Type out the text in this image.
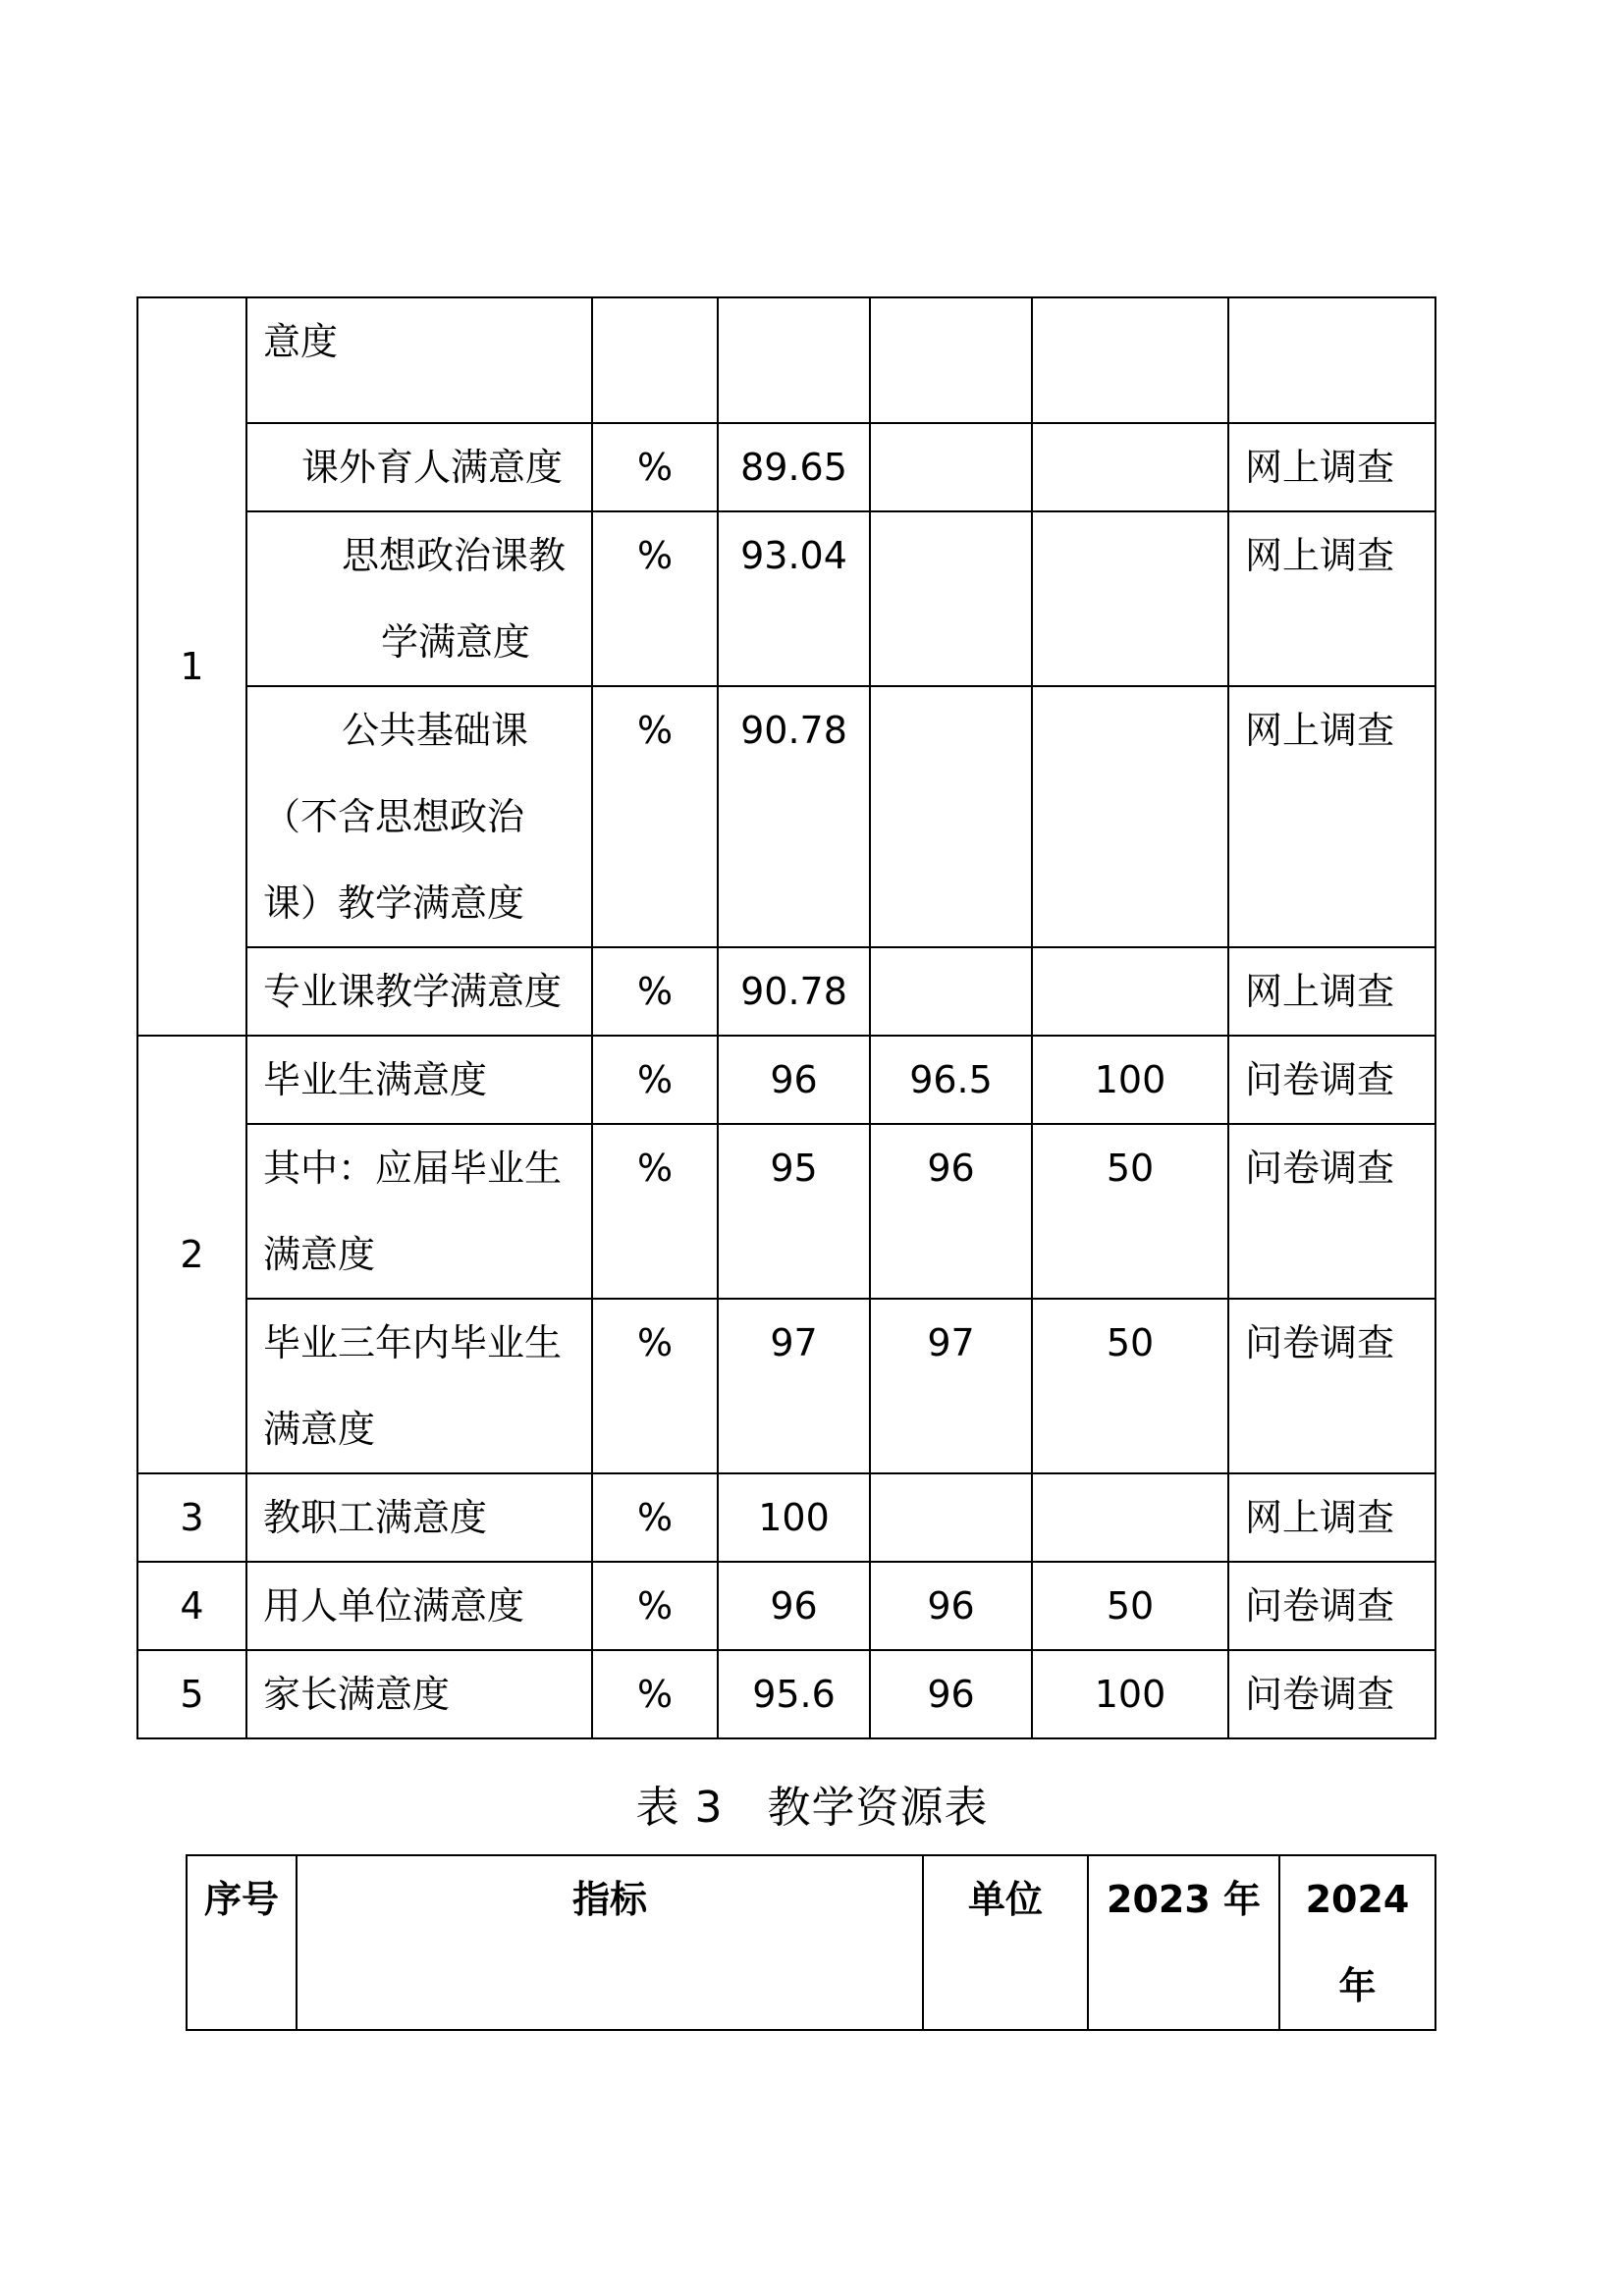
1	意度					
	课外育人满意度	%	89.65			网上调查

	思想政治课教
学满意度	%	93.04			网上调查

	公共基础课
（不含思想政治
课）教学满意度	%	90.78			网上调查
	专业课教学满意度	%	90.78			网上调查
2	毕业生满意度	%	96	96.5	100	问卷调查

	其中：应届毕业生
满意度	%	95	96	50	问卷调查

	毕业三年内毕业生
满意度	%	97	97	50	问卷调查
3	教职工满意度	%	100			网上调查
4	用人单位满意度	%	96	96	50	问卷调查
5	家长满意度	%	95.6	96	100	问卷调查
表 3　教学资源表
序号	指标	单位	2023 年	2024
年
